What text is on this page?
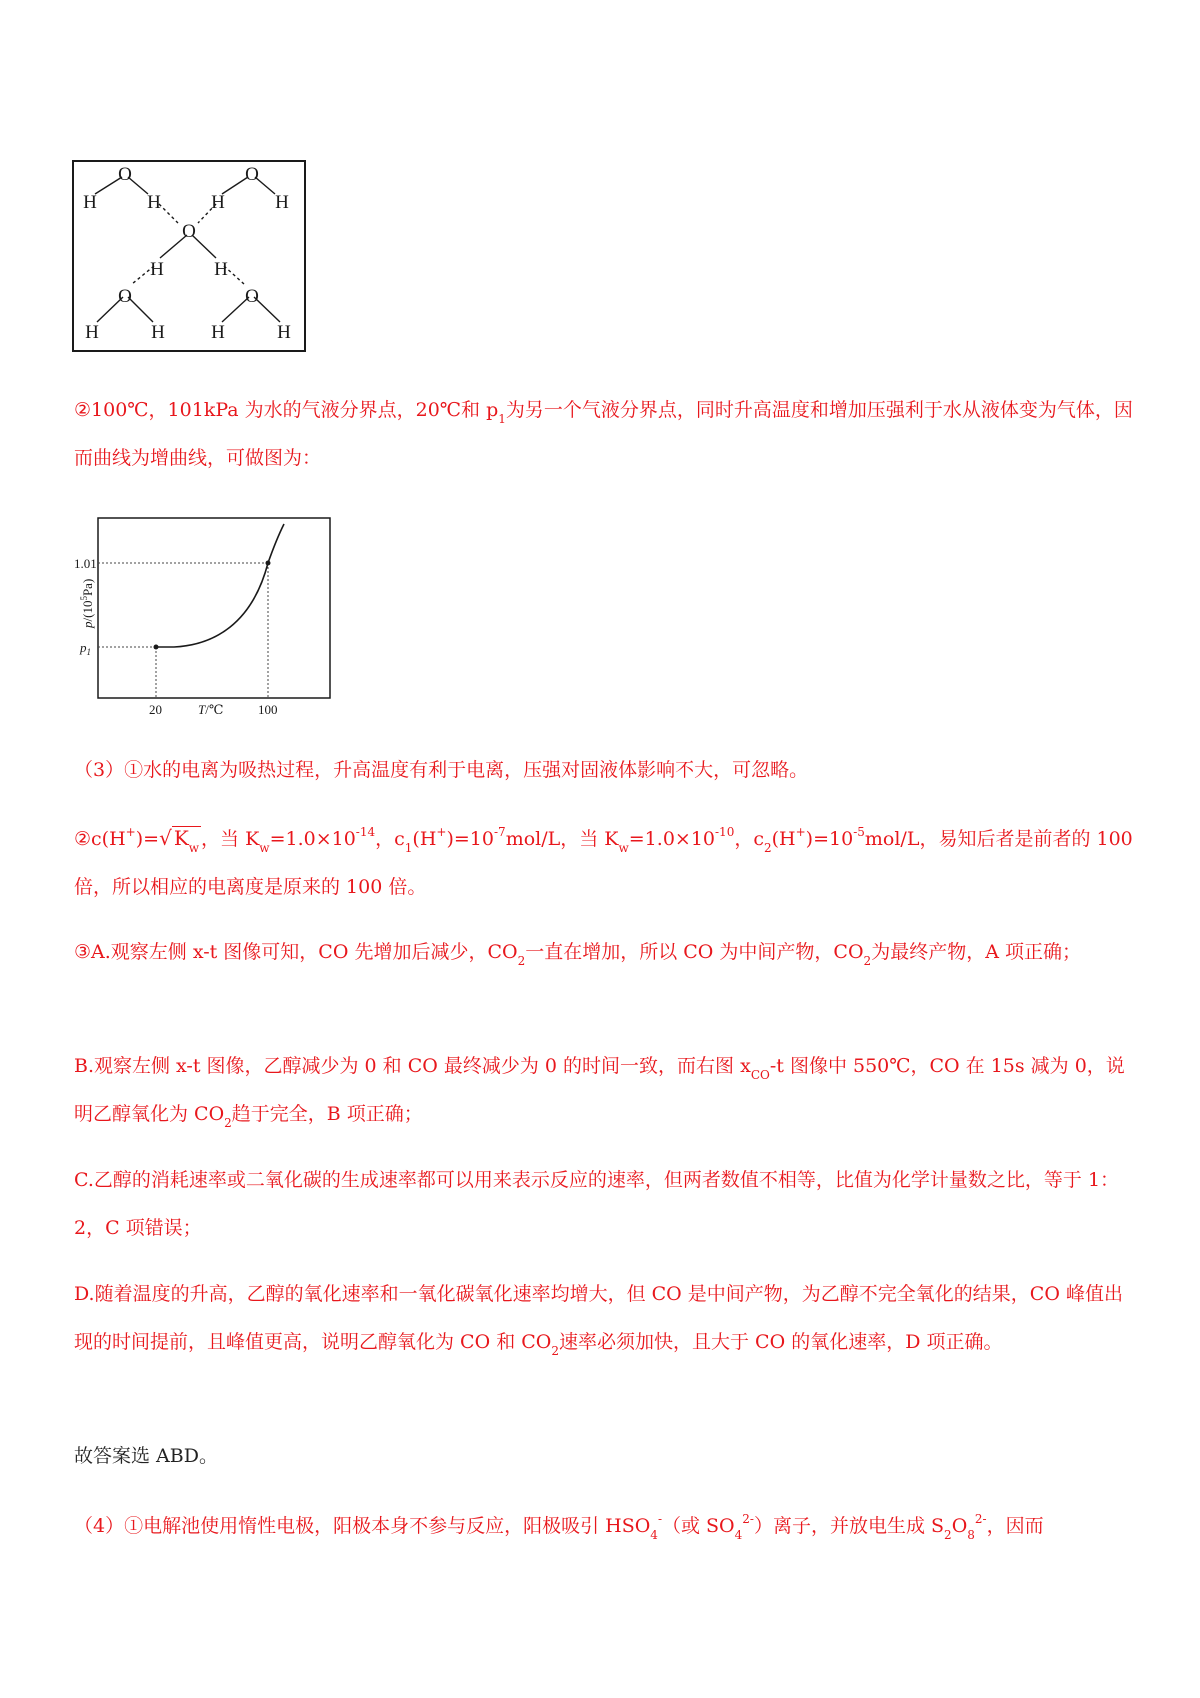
O
H	H
O
H	H
O
H	H
O	O
H	H H	H

②100℃，101kPa 为水的气液分界点，20℃和 $p_1$为另一个气液分界点，同时升高温度和增加压强利于水从液体变为气体，因而曲线为增曲线，可做图为：

1.01
$p_1$
20	100
T/℃
$p/(10^5Pa)$

（3）①水的电离为吸热过程，升高温度有利于电离，压强对固液体影响不大，可忽略。

②c(H+)=√ $K_w$ ，当 $K_w=1.0\times 10^{-14}$，$c_1(H^+)=10^{-7}mol/L$，当 $K_w=1.0\times 10^{-10}$，$c_2(H^+)=10^{-5}mol/L$，易知后者是前者的 100 倍，所以相应的电离度是原来的 100 倍。

③A.观察左侧 x-t 图像可知，CO 先增加后减少，$CO_2$一直在增加，所以 CO 为中间产物，$CO_2$为最终产物，A 项正确；

B.观察左侧 x-t 图像，乙醇减少为 0 和 CO 最终减少为 0 的时间一致，而右图 $x_{CO}-t$ 图像中 550℃，CO 在 15s 减为 0，说明乙醇氧化为 $CO_2$趋于完全，B 项正确；

C.乙醇的消耗速率或二氧化碳的生成速率都可以用来表示反应的速率，但两者数值不相等，比值为化学计量数之比，等于 1：2，C 项错误；

D.随着温度的升高，乙醇的氧化速率和一氧化碳氧化速率均增大，但 CO 是中间产物，为乙醇不完全氧化的结果，CO 峰值出现的时间提前，且峰值更高，说明乙醇氧化为 CO 和 $CO_2$速率必须加快，且大于 CO 的氧化速率，D 项正确。

故答案选 ABD。

（4）①电解池使用惰性电极，阳极本身不参与反应，阳极吸引 $HSO_4^-$（或 $SO_4^{2-}$）离子，并放电生成 $S_2O_8^{2-}$，因而
